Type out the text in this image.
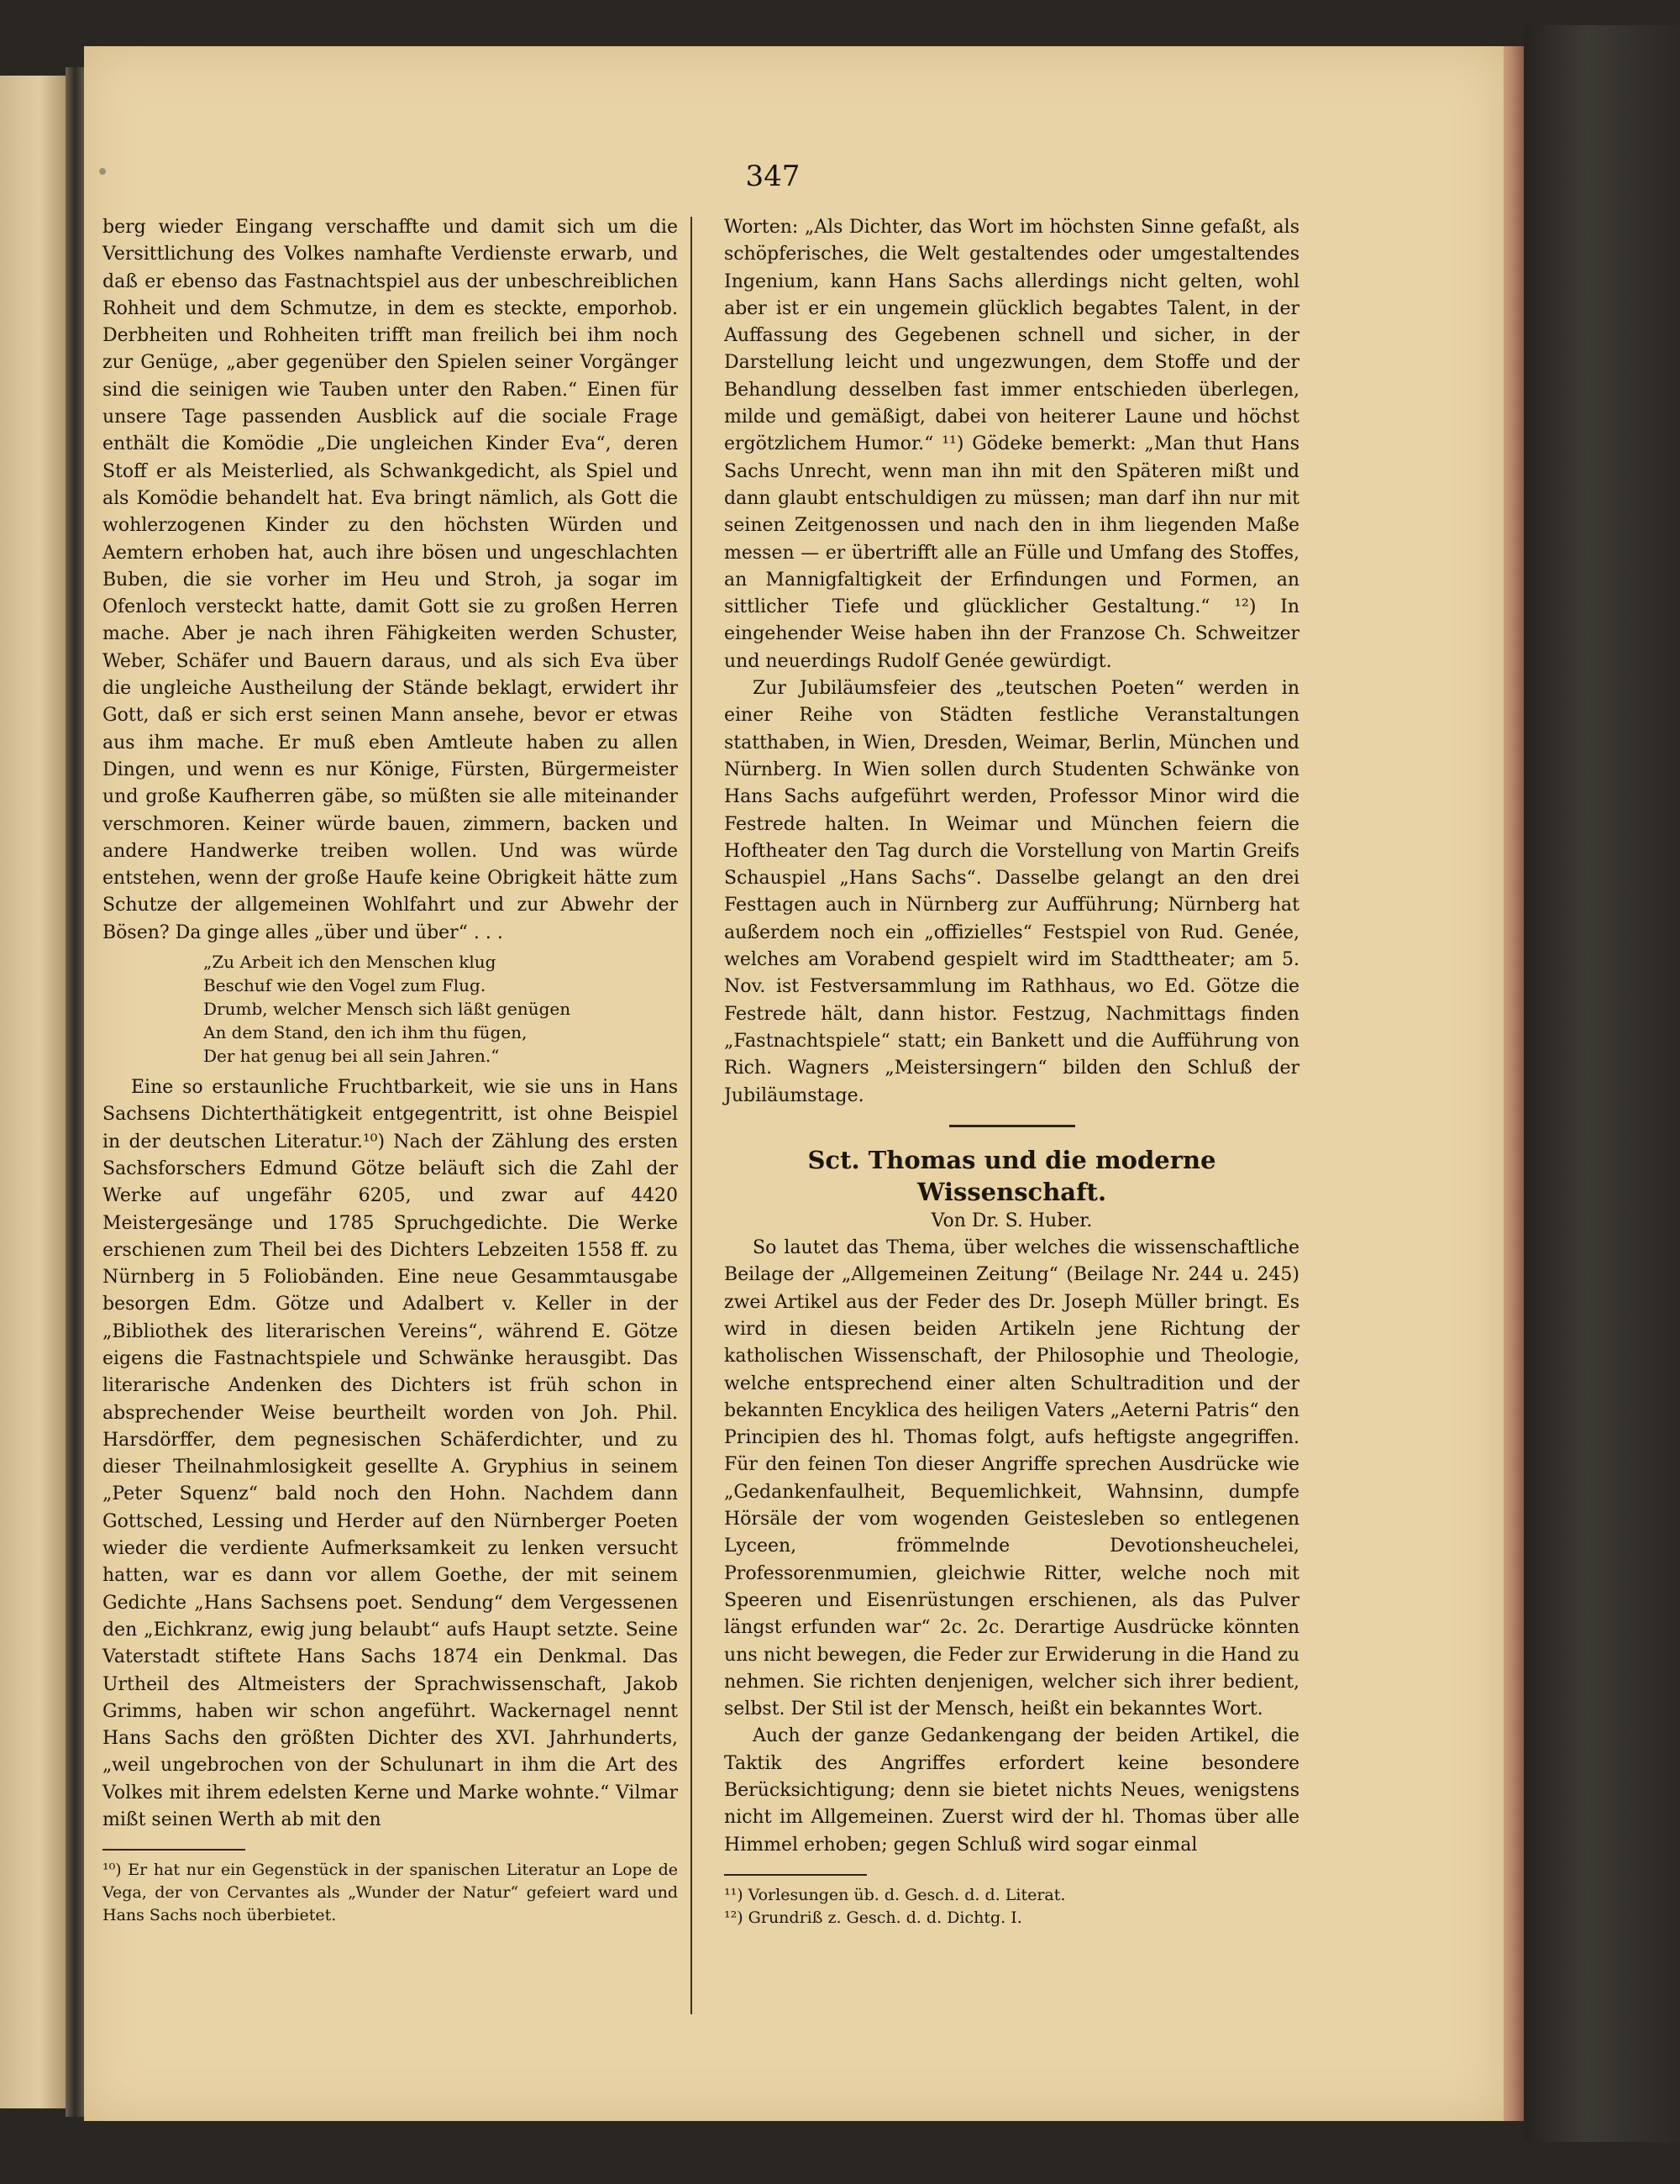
347

berg wieder Eingang verschaffte und damit sich um die Versittlichung des Volkes namhafte Verdienste erwarb, und daß er ebenso das Fastnachtspiel aus der unbeschreiblichen Rohheit und dem Schmutze, in dem es steckte, emporhob. Derbheiten und Rohheiten trifft man freilich bei ihm noch zur Genüge, „aber gegenüber den Spielen seiner Vorgänger sind die seinigen wie Tauben unter den Raben.“ Einen für unsere Tage passenden Ausblick auf die sociale Frage enthält die Komödie „Die ungleichen Kinder Eva“, deren Stoff er als Meisterlied, als Schwankgedicht, als Spiel und als Komödie behandelt hat. Eva bringt nämlich, als Gott die wohlerzogenen Kinder zu den höchsten Würden und Aemtern erhoben hat, auch ihre bösen und ungeschlachten Buben, die sie vorher im Heu und Stroh, ja sogar im Ofenloch versteckt hatte, damit Gott sie zu großen Herren mache. Aber je nach ihren Fähigkeiten werden Schuster, Weber, Schäfer und Bauern daraus, und als sich Eva über die ungleiche Austheilung der Stände beklagt, erwidert ihr Gott, daß er sich erst seinen Mann ansehe, bevor er etwas aus ihm mache. Er muß eben Amtleute haben zu allen Dingen, und wenn es nur Könige, Fürsten, Bürgermeister und große Kaufherren gäbe, so müßten sie alle miteinander verschmoren. Keiner würde bauen, zimmern, backen und andere Handwerke treiben wollen. Und was würde entstehen, wenn der große Haufe keine Obrigkeit hätte zum Schutze der allgemeinen Wohlfahrt und zur Abwehr der Bösen? Da ginge alles „über und über“ . . .

„Zu Arbeit ich den Menschen klug
Beschuf wie den Vogel zum Flug.
Drumb, welcher Mensch sich läßt genügen
An dem Stand, den ich ihm thu fügen,
Der hat genug bei all sein Jahren.“

Eine so erstaunliche Fruchtbarkeit, wie sie uns in Hans Sachsens Dichterthätigkeit entgegentritt, ist ohne Beispiel in der deutschen Literatur.¹⁰) Nach der Zählung des ersten Sachsforschers Edmund Götze beläuft sich die Zahl der Werke auf ungefähr 6205, und zwar auf 4420 Meistergesänge und 1785 Spruchgedichte. Die Werke erschienen zum Theil bei des Dichters Lebzeiten 1558 ff. zu Nürnberg in 5 Foliobänden. Eine neue Gesammtausgabe besorgen Edm. Götze und Adalbert v. Keller in der „Bibliothek des literarischen Vereins“, während E. Götze eigens die Fastnachtspiele und Schwänke herausgibt. Das literarische Andenken des Dichters ist früh schon in absprechender Weise beurtheilt worden von Joh. Phil. Harsdörffer, dem pegnesischen Schäferdichter, und zu dieser Theilnahmlosigkeit gesellte A. Gryphius in seinem „Peter Squenz“ bald noch den Hohn. Nachdem dann Gottsched, Lessing und Herder auf den Nürnberger Poeten wieder die verdiente Aufmerksamkeit zu lenken versucht hatten, war es dann vor allem Goethe, der mit seinem Gedichte „Hans Sachsens poet. Sendung“ dem Vergessenen den „Eichkranz, ewig jung belaubt“ aufs Haupt setzte. Seine Vaterstadt stiftete Hans Sachs 1874 ein Denkmal. Das Urtheil des Altmeisters der Sprachwissenschaft, Jakob Grimms, haben wir schon angeführt. Wackernagel nennt Hans Sachs den größten Dichter des XVI. Jahrhunderts, „weil ungebrochen von der Schulunart in ihm die Art des Volkes mit ihrem edelsten Kerne und Marke wohnte.“ Vilmar mißt seinen Werth ab mit den

¹⁰) Er hat nur ein Gegenstück in der spanischen Literatur an Lope de Vega, der von Cervantes als „Wunder der Natur“ gefeiert ward und Hans Sachs noch überbietet.

Worten: „Als Dichter, das Wort im höchsten Sinne gefaßt, als schöpferisches, die Welt gestaltendes oder umgestaltendes Ingenium, kann Hans Sachs allerdings nicht gelten, wohl aber ist er ein ungemein glücklich begabtes Talent, in der Auffassung des Gegebenen schnell und sicher, in der Darstellung leicht und ungezwungen, dem Stoffe und der Behandlung desselben fast immer entschieden überlegen, milde und gemäßigt, dabei von heiterer Laune und höchst ergötzlichem Humor.“ ¹¹) Gödeke bemerkt: „Man thut Hans Sachs Unrecht, wenn man ihn mit den Späteren mißt und dann glaubt entschuldigen zu müssen; man darf ihn nur mit seinen Zeitgenossen und nach den in ihm liegenden Maße messen — er übertrifft alle an Fülle und Umfang des Stoffes, an Mannigfaltigkeit der Erfindungen und Formen, an sittlicher Tiefe und glücklicher Gestaltung.“ ¹²) In eingehender Weise haben ihn der Franzose Ch. Schweitzer und neuerdings Rudolf Genée gewürdigt.

Zur Jubiläumsfeier des „teutschen Poeten“ werden in einer Reihe von Städten festliche Veranstaltungen statthaben, in Wien, Dresden, Weimar, Berlin, München und Nürnberg. In Wien sollen durch Studenten Schwänke von Hans Sachs aufgeführt werden, Professor Minor wird die Festrede halten. In Weimar und München feiern die Hoftheater den Tag durch die Vorstellung von Martin Greifs Schauspiel „Hans Sachs“. Dasselbe gelangt an den drei Festtagen auch in Nürnberg zur Aufführung; Nürnberg hat außerdem noch ein „offizielles“ Festspiel von Rud. Genée, welches am Vorabend gespielt wird im Stadttheater; am 5. Nov. ist Festversammlung im Rathhaus, wo Ed. Götze die Festrede hält, dann histor. Festzug, Nachmittags finden „Fastnachtspiele“ statt; ein Bankett und die Aufführung von Rich. Wagners „Meistersingern“ bilden den Schluß der Jubiläumstage.

Sct. Thomas und die moderne Wissenschaft.

Von Dr. S. Huber.

So lautet das Thema, über welches die wissenschaftliche Beilage der „Allgemeinen Zeitung“ (Beilage Nr. 244 u. 245) zwei Artikel aus der Feder des Dr. Joseph Müller bringt. Es wird in diesen beiden Artikeln jene Richtung der katholischen Wissenschaft, der Philosophie und Theologie, welche entsprechend einer alten Schultradition und der bekannten Encyklica des heiligen Vaters „Aeterni Patris“ den Principien des hl. Thomas folgt, aufs heftigste angegriffen. Für den feinen Ton dieser Angriffe sprechen Ausdrücke wie „Gedankenfaulheit, Bequemlichkeit, Wahnsinn, dumpfe Hörsäle der vom wogenden Geistesleben so entlegenen Lyceen, frömmelnde Devotionsheuchelei, Professorenmumien, gleichwie Ritter, welche noch mit Speeren und Eisenrüstungen erschienen, als das Pulver längst erfunden war“ 2c. 2c. Derartige Ausdrücke könnten uns nicht bewegen, die Feder zur Erwiderung in die Hand zu nehmen. Sie richten denjenigen, welcher sich ihrer bedient, selbst. Der Stil ist der Mensch, heißt ein bekanntes Wort.

Auch der ganze Gedankengang der beiden Artikel, die Taktik des Angriffes erfordert keine besondere Berücksichtigung; denn sie bietet nichts Neues, wenigstens nicht im Allgemeinen. Zuerst wird der hl. Thomas über alle Himmel erhoben; gegen Schluß wird sogar einmal

¹¹) Vorlesungen üb. d. Gesch. d. d. Literat.

¹²) Grundriß z. Gesch. d. d. Dichtg. I.
